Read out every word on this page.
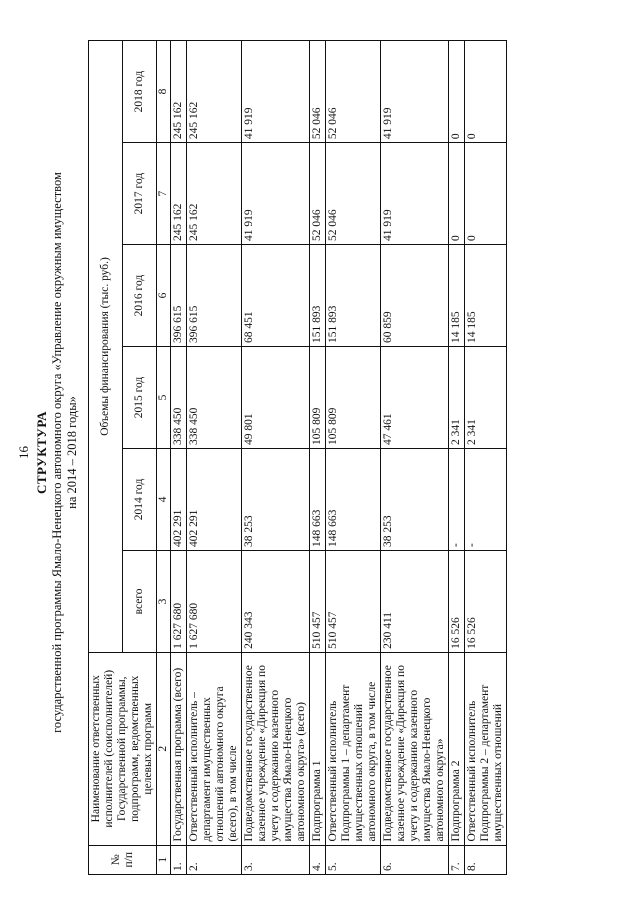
16 СТРУКТУРА государственной программы Ямало-Ненецкого автономного округа «Управление окружным имуществом на 2014 – 2018 годы»
№ п/п	Наименование ответственных исполнителей (соисполнителей) Государственной программы, подпрограмм, ведомственных целевых программ	Объемы финансирования (тыс. руб.)					
		всего	2014 год	2015 год	2016 год	2017 год	2018 год
1	2	3	4	5	6	7	8
1.	Государственная программа (всего)	1 627 680	402 291	338 450	396 615	245 162	245 162
2.	Ответственный исполнитель – департамент имущественных отношений автономного округа (всего), в том числе	1 627 680	402 291	338 450	396 615	245 162	245 162
3.	Подведомственное государственное казенное учреждение «Дирекция по учету и содержанию казенного имущества Ямало-Ненецкого автономного округа» (всего)	240 343	38 253	49 801	68 451	41 919	41 919
4.	Подпрограмма 1	510 457	148 663	105 809	151 893	52 046	52 046
5.	Ответственный исполнитель Подпрограммы 1 – департамент имущественных отношений автономного округа, в том числе	510 457	148 663	105 809	151 893	52 046	52 046
6.	Подведомственное государственное казенное учреждение «Дирекция по учету и содержанию казенного имущества Ямало-Ненецкого автономного округа»	230 411	38 253	47 461	60 859	41 919	41 919
7.	Подпрограмма 2	16 526	-	2 341	14 185	0	0
8.	Ответственный исполнитель Подпрограммы 2 – департамент имущественных отношений	16 526	-	2 341	14 185	0	0
